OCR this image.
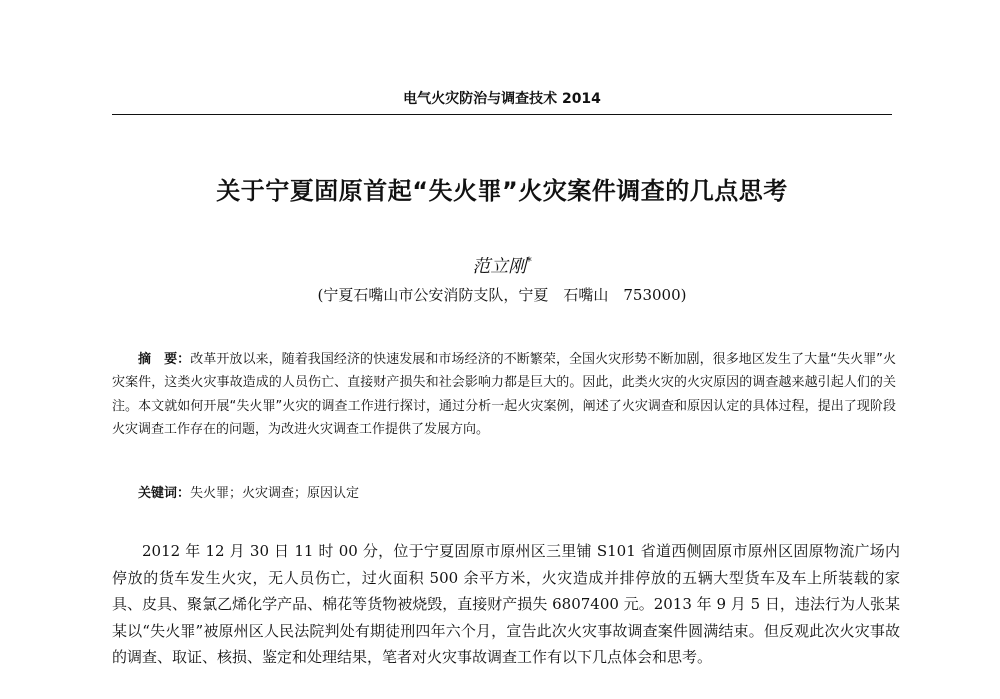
电气火灾防治与调查技术 2014
关于宁夏固原首起“失火罪”火灾案件调查的几点思考
范立刚*
(宁夏石嘴山市公安消防支队，宁夏　石嘴山　753000)
摘　要：改革开放以来，随着我国经济的快速发展和市场经济的不断繁荣，全国火灾形势不断加剧，很多地区发生了大量“失火罪”火灾案件，这类火灾事故造成的人员伤亡、直接财产损失和社会影响力都是巨大的。因此，此类火灾的火灾原因的调查越来越引起人们的关注。本文就如何开展“失火罪”火灾的调查工作进行探讨，通过分析一起火灾案例，阐述了火灾调查和原因认定的具体过程，提出了现阶段火灾调查工作存在的问题，为改进火灾调查工作提供了发展方向。
关键词：失火罪；火灾调查；原因认定
2012 年 12 月 30 日 11 时 00 分，位于宁夏固原市原州区三里铺 S101 省道西侧固原市原州区固原物流广场内停放的货车发生火灾，无人员伤亡，过火面积 500 余平方米，火灾造成并排停放的五辆大型货车及车上所装载的家具、皮具、聚氯乙烯化学产品、棉花等货物被烧毁，直接财产损失 6807400 元。2013 年 9 月 5 日，违法行为人张某某以“失火罪”被原州区人民法院判处有期徒刑四年六个月，宣告此次火灾事故调查案件圆满结束。但反观此次火灾事故的调查、取证、核损、鉴定和处理结果，笔者对火灾事故调查工作有以下几点体会和思考。
